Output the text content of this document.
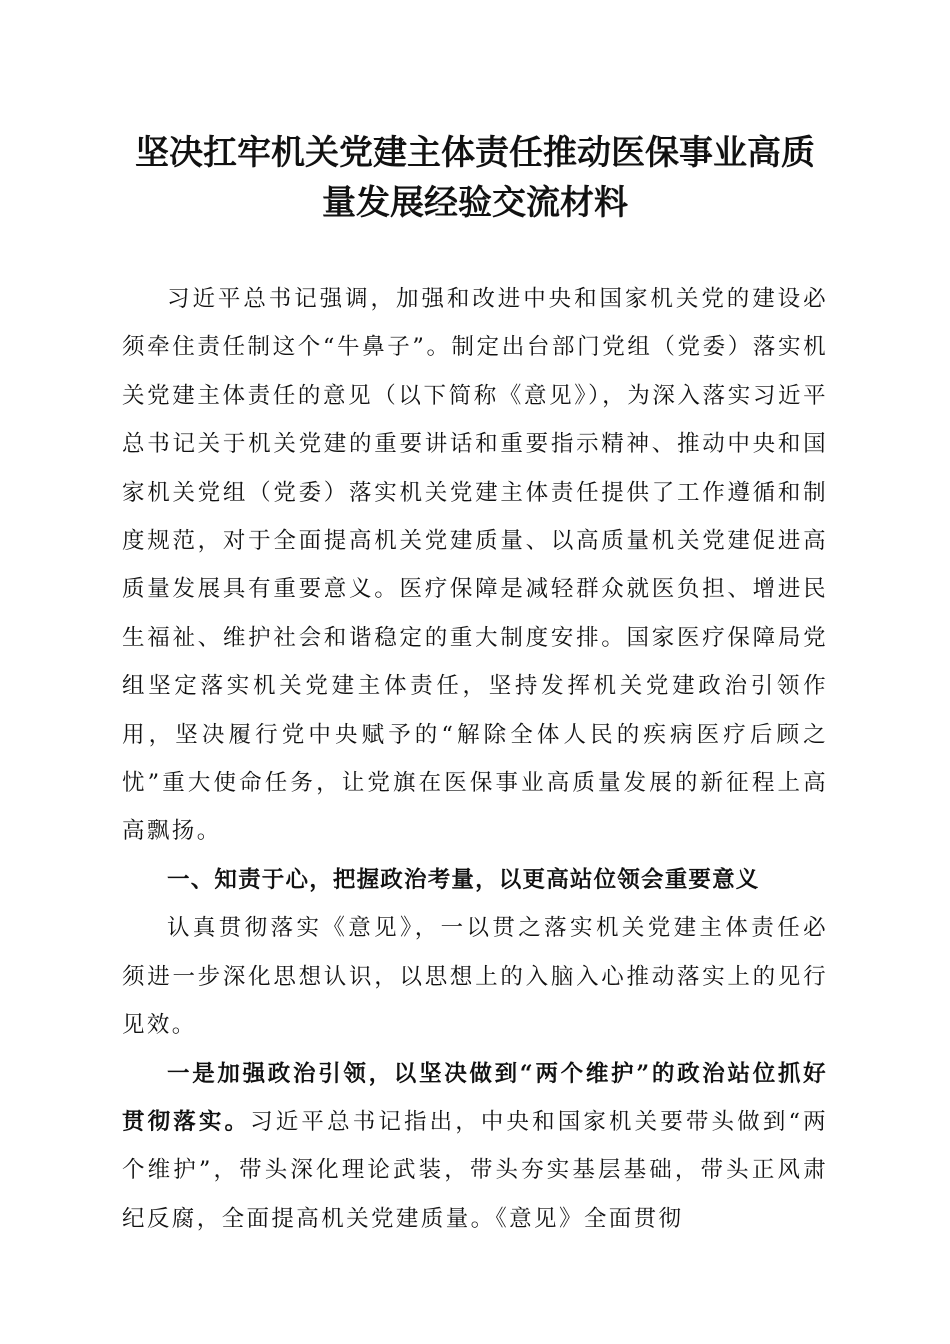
坚决扛牢机关党建主体责任推动医保事业高质
量发展经验交流材料

习近平总书记强调，加强和改进中央和国家机关党的建设必须牵住责任制这个“牛鼻子”。制定出台部门党组（党委）落实机关党建主体责任的意见（以下简称《意见》），为深入落实习近平总书记关于机关党建的重要讲话和重要指示精神、推动中央和国家机关党组（党委）落实机关党建主体责任提供了工作遵循和制度规范，对于全面提高机关党建质量、以高质量机关党建促进高质量发展具有重要意义。医疗保障是减轻群众就医负担、增进民生福祉、维护社会和谐稳定的重大制度安排。国家医疗保障局党组坚定落实机关党建主体责任，坚持发挥机关党建政治引领作用，坚决履行党中央赋予的“解除全体人民的疾病医疗后顾之忧”重大使命任务，让党旗在医保事业高质量发展的新征程上高高飘扬。

一、知责于心，把握政治考量，以更高站位领会重要意义

认真贯彻落实《意见》，一以贯之落实机关党建主体责任必须进一步深化思想认识，以思想上的入脑入心推动落实上的见行见效。

一是加强政治引领，以坚决做到“两个维护”的政治站位抓好贯彻落实。习近平总书记指出，中央和国家机关要带头做到“两个维护”，带头深化理论武装，带头夯实基层基础，带头正风肃纪反腐，全面提高机关党建质量。《意见》全面贯彻
